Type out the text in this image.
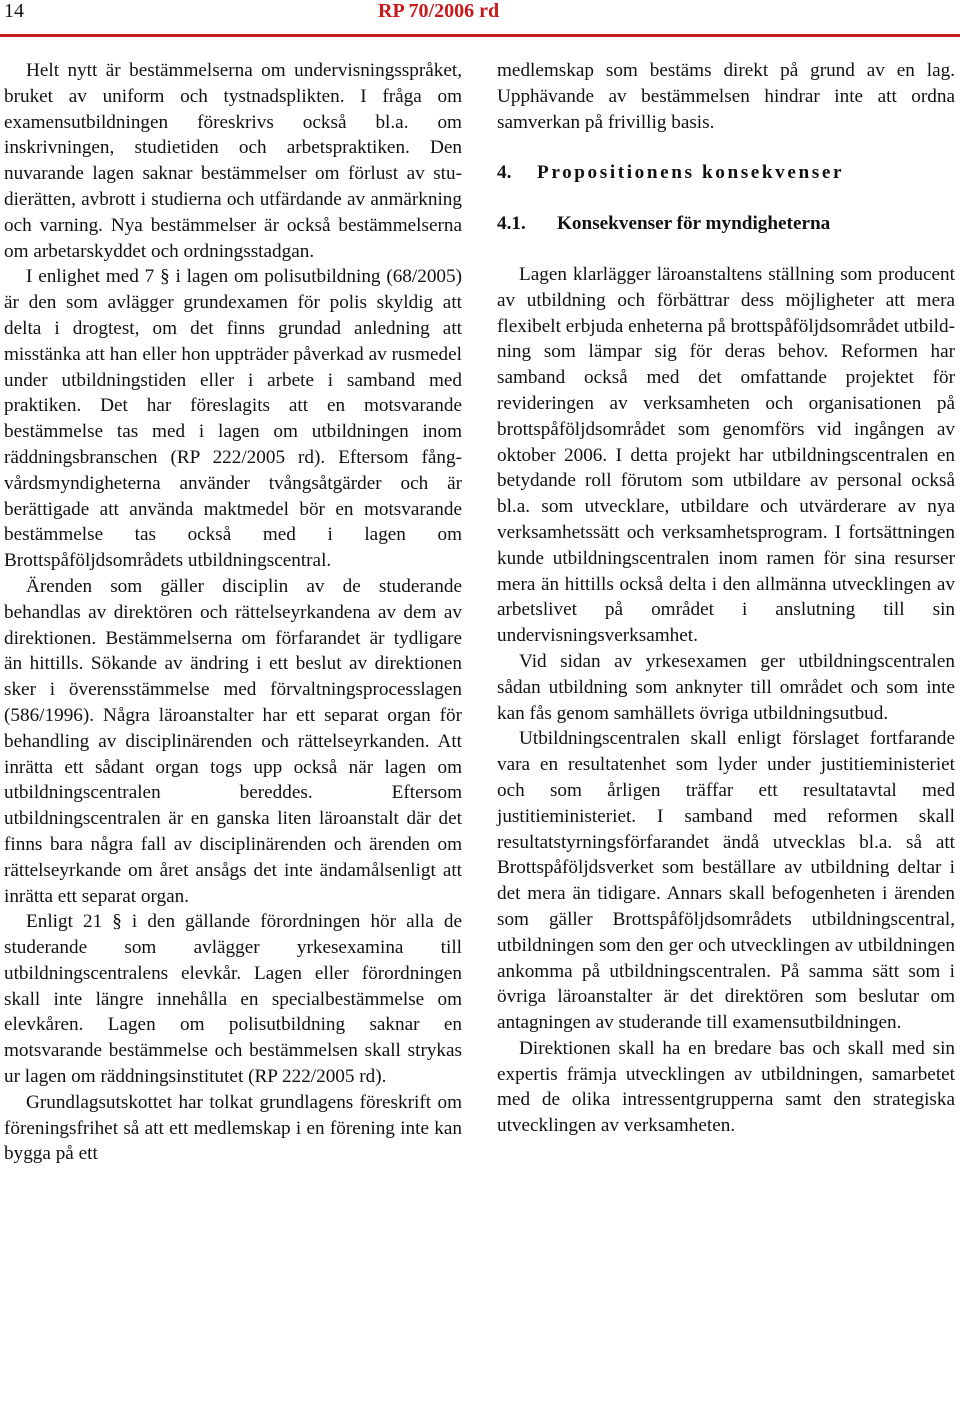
14	RP 70/2006 rd

Helt nytt är bestämmelserna om undervisningsspråket, bruket av uniform och tystnadsplikten. I fråga om examensutbildningen föreskrivs också bl.a. om inskrivningen, studietiden och arbetspraktiken. Den nuvarande lagen saknar bestämmelser om förlust av studierätten, avbrott i studierna och utfärdande av anmärkning och varning. Nya bestämmelser är också bestämmelserna om arbetarskyddet och ordningsstadgan.

I enlighet med 7 § i lagen om polisutbildning (68/2005) är den som avlägger grundexamen för polis skyldig att delta i drogtest, om det finns grundad anledning att misstänka att han eller hon uppträder påverkad av rusmedel under utbildningstiden eller i arbete i samband med praktiken. Det har föreslagits att en motsvarande bestämmelse tas med i lagen om utbildningen inom räddningsbranschen (RP 222/2005 rd). Eftersom fångvårdsmyndigheterna använder tvångsåtgärder och är berättigade att använda maktmedel bör en motsvarande bestämmelse tas också med i lagen om Brottspåföljdsområdets utbildningscentral.

Ärenden som gäller disciplin av de studerande behandlas av direktören och rättelseyrkandena av dem av direktionen. Bestämmelserna om förfarandet är tydligare än hittills. Sökande av ändring i ett beslut av direktionen sker i överensstämmelse med förvaltningsprocesslagen (586/1996). Några läroanstalter har ett separat organ för behandling av disciplinärenden och rättelseyrkanden. Att inrätta ett sådant organ togs upp också när lagen om utbildningscentralen bereddes. Eftersom utbildningscentralen är en ganska liten läroanstalt där det finns bara några fall av disciplinärenden och ärenden om rättelseyrkande om året ansågs det inte ändamålsenligt att inrätta ett separat organ.

Enligt 21 § i den gällande förordningen hör alla de studerande som avlägger yrkesexamina till utbildningscentralens elevkår. Lagen eller förordningen skall inte längre innehålla en specialbestämmelse om elevkåren. Lagen om polisutbildning saknar en motsvarande bestämmelse och bestämmelsen skall strykas ur lagen om räddningsinstitutet (RP 222/2005 rd).

Grundlagsutskottet har tolkat grundlagens föreskrift om föreningsfrihet så att ett medlemskap i en förening inte kan bygga på ett

medlemskap som bestäms direkt på grund av en lag. Upphävande av bestämmelsen hindrar inte att ordna samverkan på frivillig basis.

4. Propositionens konsekvenser

4.1. Konsekvenser för myndigheterna

Lagen klarlägger läroanstaltens ställning som producent av utbildning och förbättrar dess möjligheter att mera flexibelt erbjuda enheterna på brottspåföljdsområdet utbildning som lämpar sig för deras behov. Reformen har samband också med det omfattande projektet för revideringen av verksamheten och organisationen på brottspåföljdsområdet som genomförs vid ingången av oktober 2006. I detta projekt har utbildningscentralen en betydande roll förutom som utbildare av personal också bl.a. som utvecklare, utbildare och utvärderare av nya verksamhetssätt och verksamhetsprogram. I fortsättningen kunde utbildningscentralen inom ramen för sina resurser mera än hittills också delta i den allmänna utvecklingen av arbetslivet på området i anslutning till sin undervisningsverksamhet.

Vid sidan av yrkesexamen ger utbildningscentralen sådan utbildning som anknyter till området och som inte kan fås genom samhällets övriga utbildningsutbud.

Utbildningscentralen skall enligt förslaget fortfarande vara en resultatenhet som lyder under justitieministeriet och som årligen träffar ett resultatavtal med justitieministeriet. I samband med reformen skall resultatstyrningsförfarandet ändå utvecklas bl.a. så att Brottspåföljdsverket som beställare av utbildning deltar i det mera än tidigare. Annars skall befogenheten i ärenden som gäller Brottspåföljdsområdets utbildningscentral, utbildningen som den ger och utvecklingen av utbildningen ankomma på utbildningscentralen. På samma sätt som i övriga läroanstalter är det direktören som beslutar om antagningen av studerande till examensutbildningen.

Direktionen skall ha en bredare bas och skall med sin expertis främja utvecklingen av utbildningen, samarbetet med de olika intressentgrupperna samt den strategiska utvecklingen av verksamheten.
